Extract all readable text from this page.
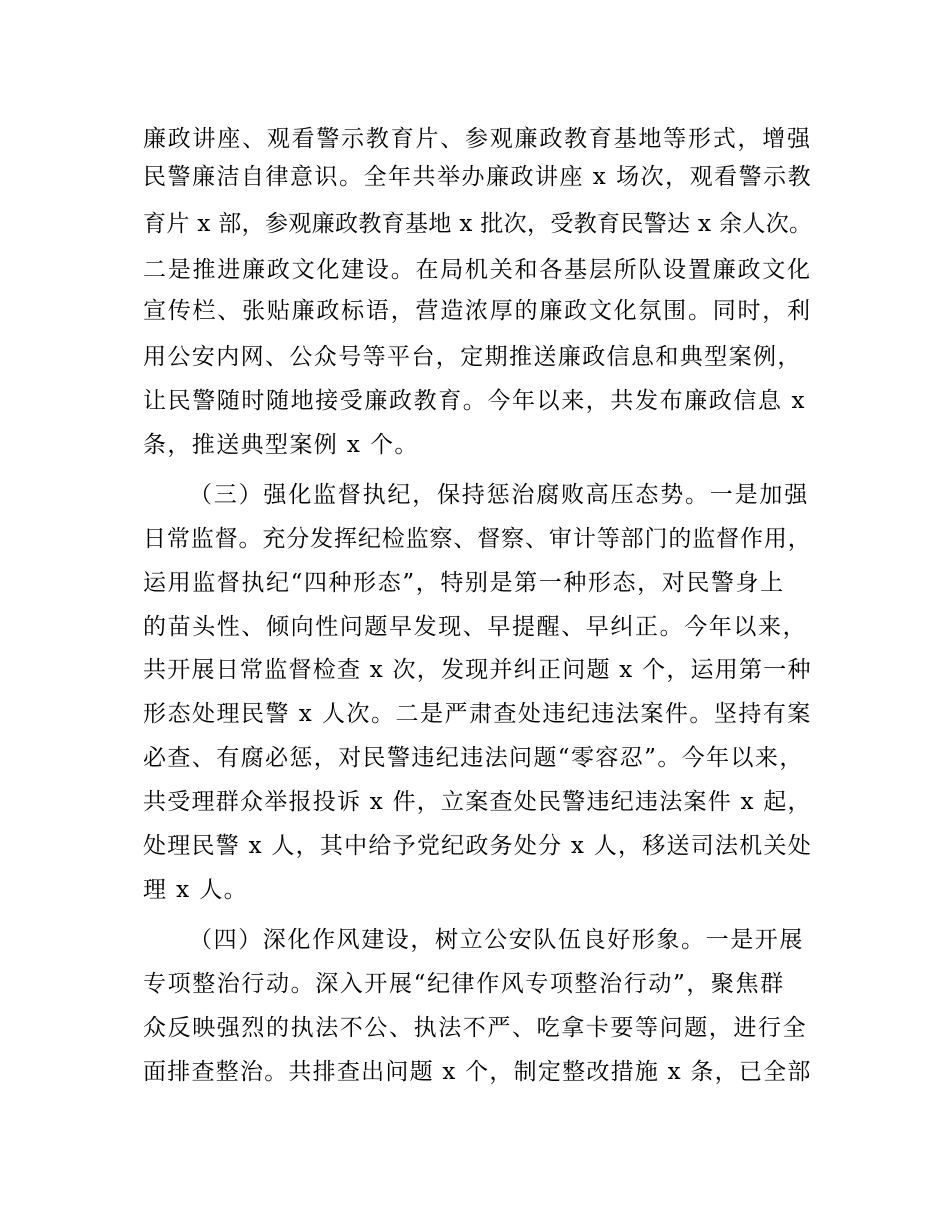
廉政讲座、观看警示教育片、参观廉政教育基地等形式，增强
民警廉洁自律意识。全年共举办廉政讲座 x 场次，观看警示教
育片 x 部，参观廉政教育基地 x 批次，受教育民警达 x 余人次。
二是推进廉政文化建设。在局机关和各基层所队设置廉政文化
宣传栏、张贴廉政标语，营造浓厚的廉政文化氛围。同时，利
用公安内网、公众号等平台，定期推送廉政信息和典型案例，
让民警随时随地接受廉政教育。今年以来，共发布廉政信息 x
条，推送典型案例 x 个。
（三）强化监督执纪，保持惩治腐败高压态势。一是加强
日常监督。充分发挥纪检监察、督察、审计等部门的监督作用，
运用监督执纪“四种形态”，特别是第一种形态，对民警身上
的苗头性、倾向性问题早发现、早提醒、早纠正。今年以来，
共开展日常监督检查 x 次，发现并纠正问题 x 个，运用第一种
形态处理民警 x 人次。二是严肃查处违纪违法案件。坚持有案
必查、有腐必惩，对民警违纪违法问题“零容忍”。今年以来，
共受理群众举报投诉 x 件，立案查处民警违纪违法案件 x 起，
处理民警 x 人，其中给予党纪政务处分 x 人，移送司法机关处
理 x 人。
（四）深化作风建设，树立公安队伍良好形象。一是开展
专项整治行动。深入开展“纪律作风专项整治行动”，聚焦群
众反映强烈的执法不公、执法不严、吃拿卡要等问题，进行全
面排查整治。共排查出问题 x 个，制定整改措施 x 条，已全部
